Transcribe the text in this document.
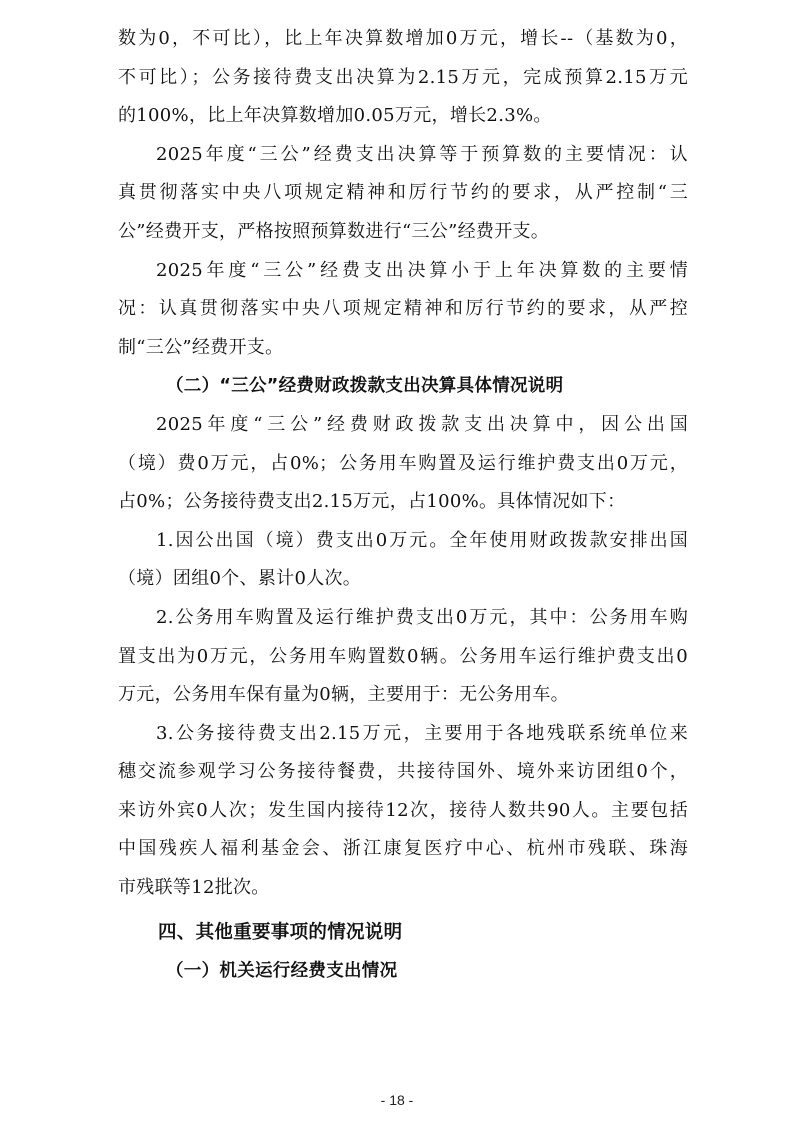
数为0，不可比），比上年决算数增加0万元，增长--（基数为0，
不可比）；公务接待费支出决算为2.15万元，完成预算2.15万元
的100%，比上年决算数增加0.05万元，增长2.3%。
2025年度“三公”经费支出决算等于预算数的主要情况：认
真贯彻落实中央八项规定精神和厉行节约的要求，从严控制“三
公”经费开支，严格按照预算数进行“三公”经费开支。
2025年度“三公”经费支出决算小于上年决算数的主要情
况：认真贯彻落实中央八项规定精神和厉行节约的要求，从严控
制“三公”经费开支。
（二）“三公”经费财政拨款支出决算具体情况说明
2025年度“三公”经费财政拨款支出决算中，因公出国
（境）费0万元，占0%；公务用车购置及运行维护费支出0万元，
占0%；公务接待费支出2.15万元，占100%。具体情况如下：
1.因公出国（境）费支出0万元。全年使用财政拨款安排出国
（境）团组0个、累计0人次。
2.公务用车购置及运行维护费支出0万元，其中：公务用车购
置支出为0万元，公务用车购置数0辆。公务用车运行维护费支出0
万元，公务用车保有量为0辆，主要用于：无公务用车。
3.公务接待费支出2.15万元，主要用于各地残联系统单位来
穗交流参观学习公务接待餐费，共接待国外、境外来访团组0个，
来访外宾0人次；发生国内接待12次，接待人数共90人。主要包括
中国残疾人福利基金会、浙江康复医疗中心、杭州市残联、珠海
市残联等12批次。
四、其他重要事项的情况说明
（一）机关运行经费支出情况
- 18 -
